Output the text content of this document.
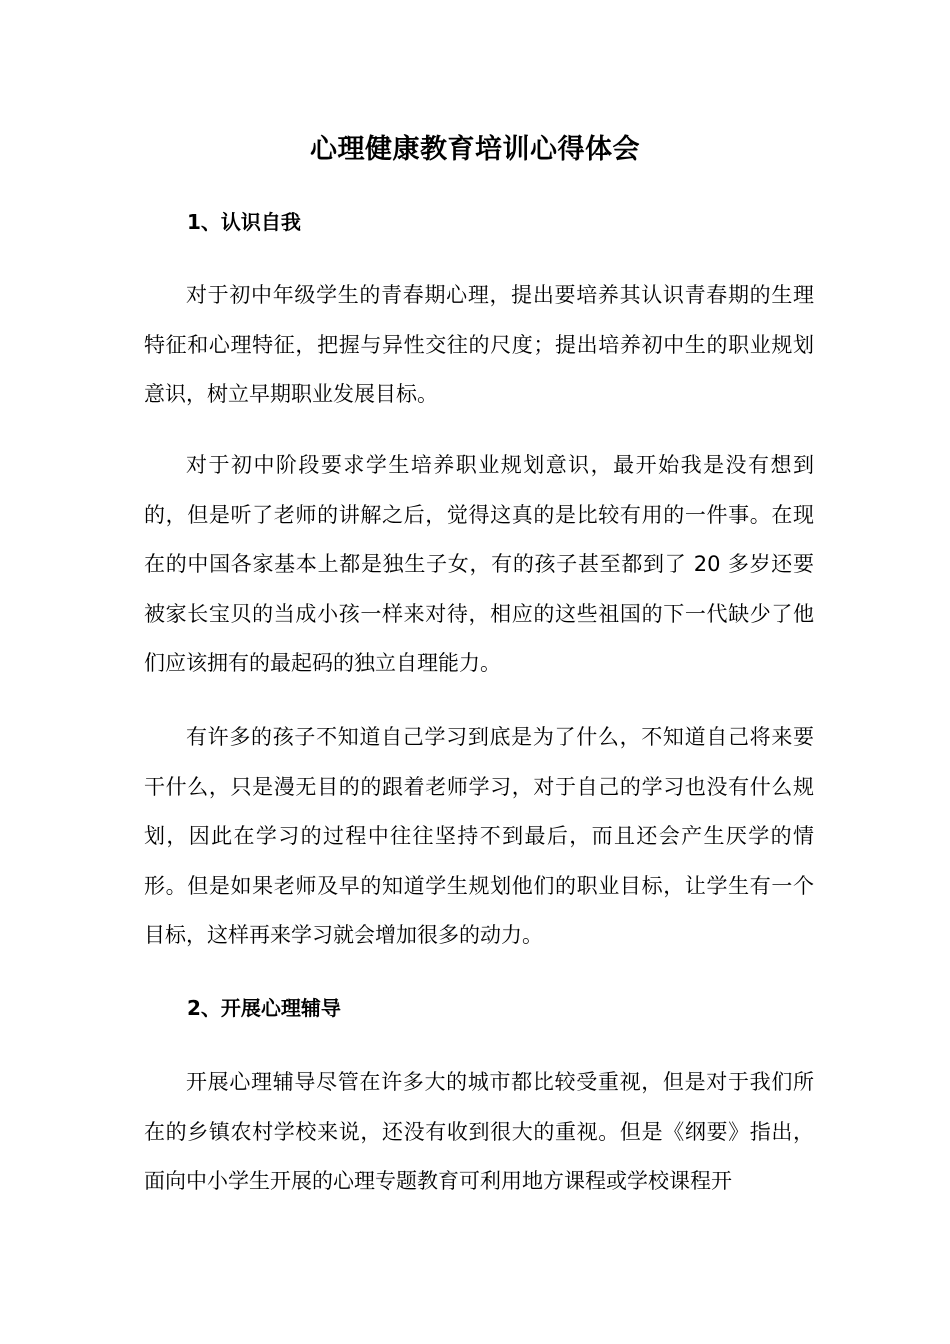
心理健康教育培训心得体会
1、认识自我

对于初中年级学生的青春期心理，提出要培养其认识青春期的生理特征和心理特征，把握与异性交往的尺度；提出培养初中生的职业规划意识，树立早期职业发展目标。

对于初中阶段要求学生培养职业规划意识，最开始我是没有想到的，但是听了老师的讲解之后，觉得这真的是比较有用的一件事。在现在的中国各家基本上都是独生子女，有的孩子甚至都到了 20 多岁还要被家长宝贝的当成小孩一样来对待，相应的这些祖国的下一代缺少了他们应该拥有的最起码的独立自理能力。

有许多的孩子不知道自己学习到底是为了什么，不知道自己将来要干什么，只是漫无目的的跟着老师学习，对于自己的学习也没有什么规划，因此在学习的过程中往往坚持不到最后，而且还会产生厌学的情形。但是如果老师及早的知道学生规划他们的职业目标，让学生有一个目标，这样再来学习就会增加很多的动力。

2、开展心理辅导

开展心理辅导尽管在许多大的城市都比较受重视，但是对于我们所在的乡镇农村学校来说，还没有收到很大的重视。但是《纲要》指出，面向中小学生开展的心理专题教育可利用地方课程或学校课程开
